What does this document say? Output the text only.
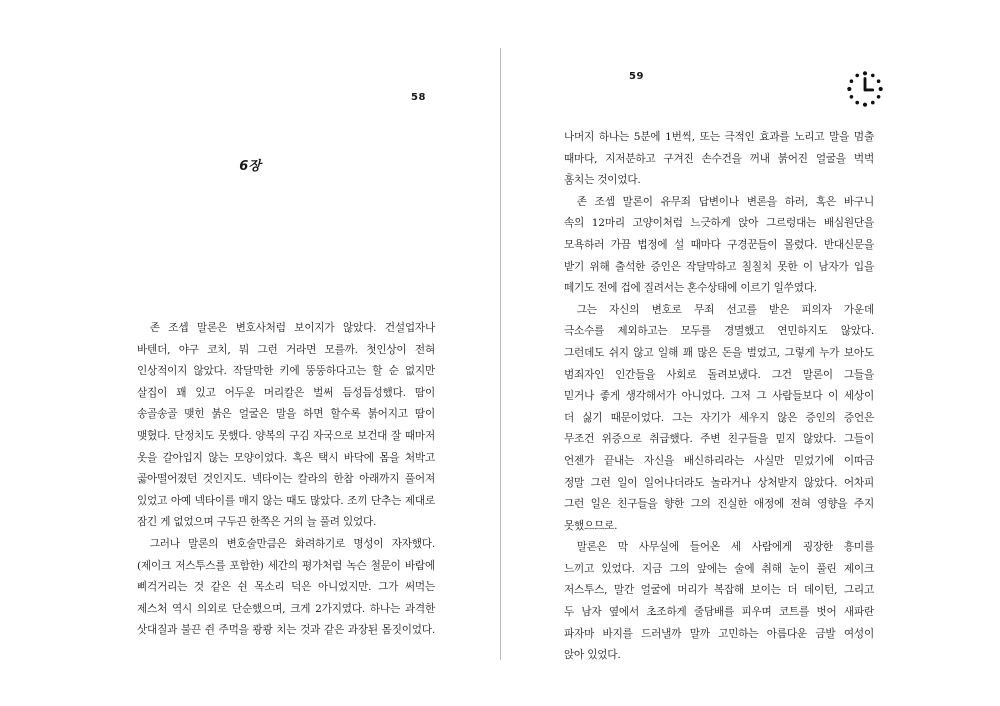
58
6장
존 조셉 말론은 변호사처럼 보이지가 않았다. 건설업자나
바텐더, 야구 코치, 뭐 그런 거라면 모를까. 첫인상이 전혀
인상적이지 않았다. 작달막한 키에 뚱뚱하다고는 할 순 없지만
살집이 꽤 있고 어두운 머리칼은 벌써 듬성듬성했다. 땀이
송골송골 맺힌 붉은 얼굴은 말을 하면 할수록 붉어지고 땀이
맺혔다. 단정치도 못했다. 양복의 구김 자국으로 보건대 잘 때마저
옷을 갈아입지 않는 모양이었다. 혹은 택시 바닥에 몸을 처박고
곯아떨어졌던 것인지도. 넥타이는 칼라의 한참 아래까지 풀어져
있었고 아예 넥타이를 매지 않는 때도 많았다. 조끼 단추는 제대로
잠긴 게 없었으며 구두끈 한쪽은 거의 늘 풀려 있었다.
그러나 말론의 변호술만큼은 화려하기로 명성이 자자했다.
(제이크 저스투스를 포함한) 세간의 평가처럼 녹슨 철문이 바람에
삐걱거리는 것 같은 쉰 목소리 덕은 아니었지만. 그가 써먹는
제스처 역시 의외로 단순했으며, 크게 2가지였다. 하나는 과격한
삿대질과 불끈 쥔 주먹을 쾅쾅 치는 것과 같은 과장된 몸짓이었다.
59
나머지 하나는 5분에 1번씩, 또는 극적인 효과를 노리고 말을 멈출
때마다, 지저분하고 구겨진 손수건을 꺼내 붉어진 얼굴을 벅벅
훔치는 것이었다.
존 조셉 말론이 유무죄 답변이나 변론을 하러, 혹은 바구니
속의 12마리 고양이처럼 느긋하게 앉아 그르렁대는 배심원단을
모욕하러 가끔 법정에 설 때마다 구경꾼들이 몰렸다. 반대신문을
받기 위해 출석한 증인은 작달막하고 칠칠치 못한 이 남자가 입을
떼기도 전에 겁에 질려서는 혼수상태에 이르기 일쑤였다.
그는 자신의 변호로 무죄 선고를 받은 피의자 가운데
극소수를 제외하고는 모두를 경멸했고 연민하지도 않았다.
그런데도 쉬지 않고 일해 꽤 많은 돈을 벌었고, 그렇게 누가 보아도
범죄자인 인간들을 사회로 돌려보냈다. 그건 말론이 그들을
믿거나 좋게 생각해서가 아니었다. 그저 그 사람들보다 이 세상이
더 싫기 때문이었다. 그는 자기가 세우지 않은 증인의 증언은
무조건 위증으로 취급했다. 주변 친구들을 믿지 않았다. 그들이
언젠가 끝내는 자신을 배신하리라는 사실만 믿었기에 이따금
정말 그런 일이 일어나더라도 놀라거나 상처받지 않았다. 어차피
그런 일은 친구들을 향한 그의 진실한 애정에 전혀 영향을 주지
못했으므로.
말론은 막 사무실에 들어온 세 사람에게 굉장한 흥미를
느끼고 있었다. 지금 그의 앞에는 술에 취해 눈이 풀린 제이크
저스투스, 말간 얼굴에 머리가 복잡해 보이는 더 데이턴, 그리고
두 남자 옆에서 초조하게 줄담배를 피우며 코트를 벗어 새파란
파자마 바지를 드러낼까 말까 고민하는 아름다운 금발 여성이
앉아 있었다.
